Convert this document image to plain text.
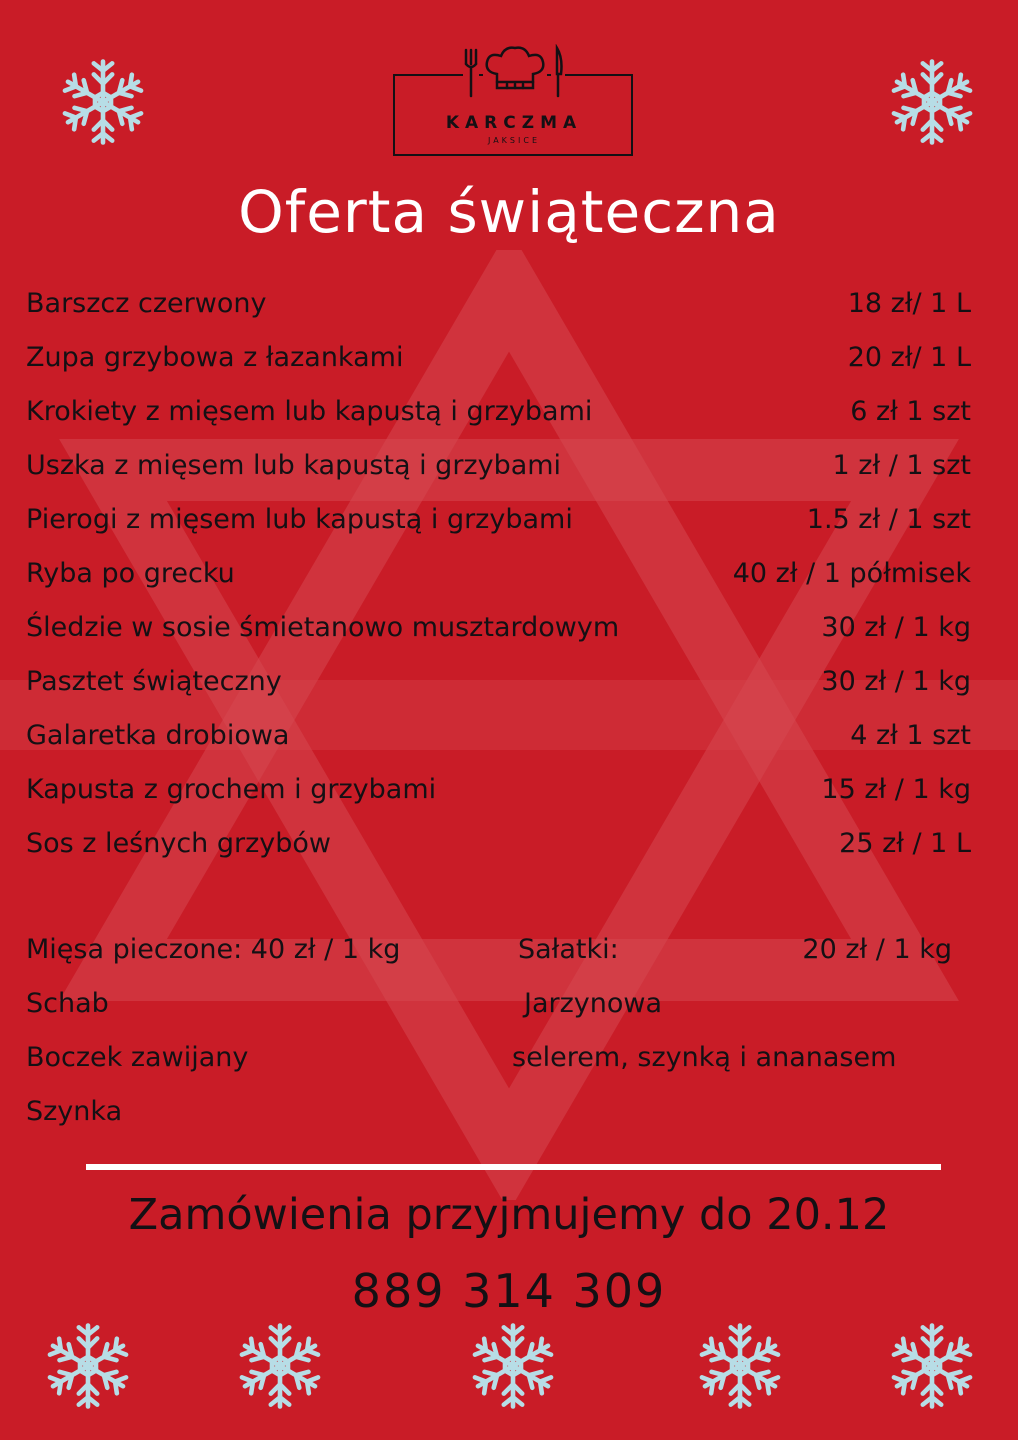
KARCZMA
JAKSICE
Oferta świąteczna
Barszcz czerwony	18 zł/ 1 L
Zupa grzybowa z łazankami	20 zł/ 1 L
Krokiety z mięsem lub kapustą i grzybami	6 zł 1 szt
Uszka z mięsem lub kapustą i grzybami	1 zł / 1 szt
Pierogi z mięsem lub kapustą i grzybami	1.5 zł / 1 szt
Ryba po grecku	40 zł / 1 półmisek
Śledzie w sosie śmietanowo musztardowym	30 zł / 1 kg
Pasztet świąteczny	30 zł / 1 kg
Galaretka drobiowa	4 zł 1 szt
Kapusta z grochem i grzybami	15 zł / 1 kg
Sos z leśnych grzybów	25 zł / 1 L
Mięsa pieczone: 40 zł / 1 kg
Schab
Boczek zawijany
Szynka
Sałatki:	20 zł / 1 kg
Jarzynowa
selerem, szynką i ananasem
Zamówienia przyjmujemy do 20.12
889 314 309
